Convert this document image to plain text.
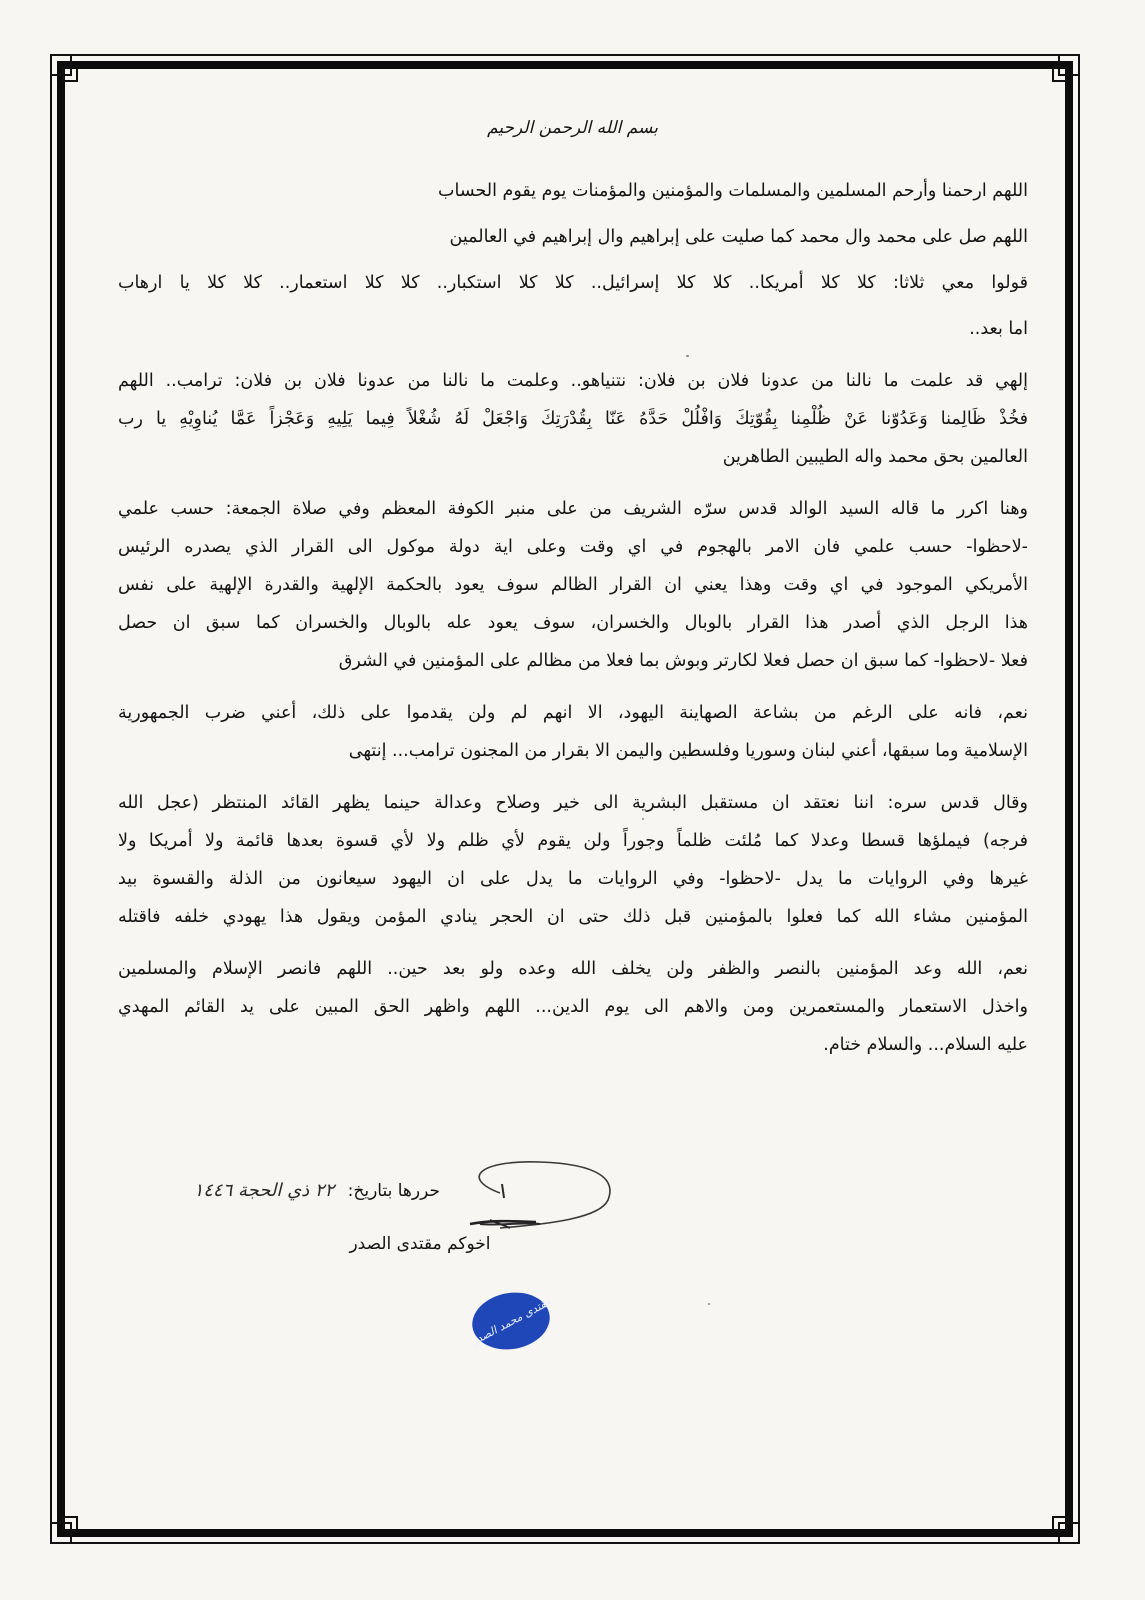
بسم الله الرحمن الرحيم
اللهم ارحمنا وأرحم المسلمين والمسلمات والمؤمنين والمؤمنات يوم يقوم الحساب
اللهم صل على محمد وال محمد كما صليت على إبراهيم وال إبراهيم في العالمين
قولوا معي ثلاثا: كلا كلا أمريكا.. كلا كلا إسرائيل.. كلا كلا استكبار.. كلا كلا استعمار.. كلا كلا يا ارهاب
اما بعد..
إلهي قد علمت ما نالنا من عدونا فلان بن فلان: نتنياهو.. وعلمت ما نالنا من عدونا فلان بن فلان: ترامب.. اللهم
فخُذْ ظَالِمنا وَعَدُوّنا عَنْ ظُلْمِنا بِقُوّتِكَ وَافْلُلْ حَدَّهُ عَنّا بِقُدْرَتِكَ وَاجْعَلْ لَهُ شُغْلاً فِيما يَلِيهِ وَعَجْزاً عَمَّا يُناوِيْهِ يا رب
العالمين بحق محمد واله الطيبين الطاهرين
وهنا اكرر ما قاله السيد الوالد قدس سرّه الشريف من على منبر الكوفة المعظم وفي صلاة الجمعة: حسب علمي
-لاحظوا- حسب علمي فان الامر بالهجوم في اي وقت وعلى اية دولة موكول الى القرار الذي يصدره الرئيس
الأمريكي الموجود في اي وقت وهذا يعني ان القرار الظالم سوف يعود بالحكمة الإلهية والقدرة الإلهية على نفس
هذا الرجل الذي أصدر هذا القرار بالوبال والخسران، سوف يعود عله بالوبال والخسران كما سبق ان حصل
فعلا -لاحظوا- كما سبق ان حصل فعلا لكارتر وبوش بما فعلا من مظالم على المؤمنين في الشرق
نعم، فانه على الرغم من بشاعة الصهاينة اليهود، الا انهم لم ولن يقدموا على ذلك، أعني ضرب الجمهورية
الإسلامية وما سبقها، أعني لبنان وسوريا وفلسطين واليمن الا بقرار من المجنون ترامب... إنتهى
وقال قدس سره: اننا نعتقد ان مستقبل البشرية الى خير وصلاح وعدالة حينما يظهر القائد المنتظر (عجل الله
فرجه) فيملؤها قسطا وعدلا كما مُلئت ظلماً وجوراً ولن يقوم لأي ظلم ولا لأي قسوة بعدها قائمة ولا أمريكا ولا
غيرها وفي الروايات ما يدل -لاحظوا- وفي الروايات ما يدل على ان اليهود سيعانون من الذلة والقسوة بيد
المؤمنين مشاء الله كما فعلوا بالمؤمنين قبل ذلك حتى ان الحجر ينادي المؤمن ويقول هذا يهودي خلفه فاقتله
نعم، الله وعد المؤمنين بالنصر والظفر ولن يخلف الله وعده ولو بعد حين.. اللهم فانصر الإسلام والمسلمين
واخذل الاستعمار والمستعمرين ومن والاهم الى يوم الدين... اللهم واظهر الحق المبين على يد القائم المهدي
عليه السلام... والسلام ختام.
حررها بتاريخ: ٢٢ ذي الحجة ١٤٤٦
اخوكم مقتدى الصدر
مقتدى محمد الصدر
